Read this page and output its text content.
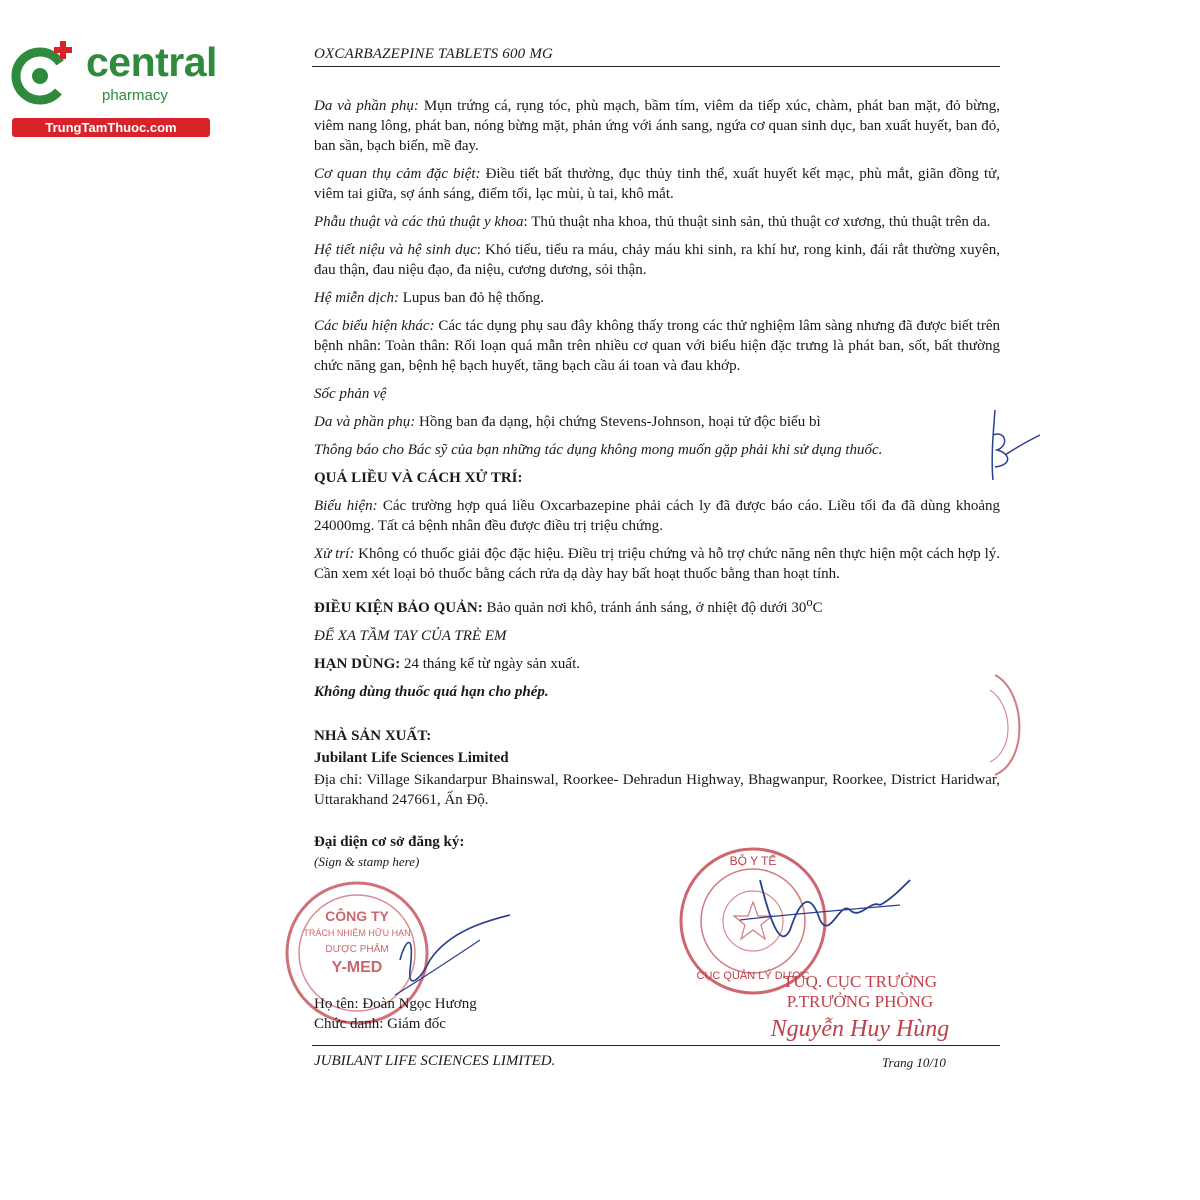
central
pharmacy
TrungTamThuoc.com
OXCARBAZEPINE TABLETS 600 MG

Da và phần phụ: Mụn trứng cá, rụng tóc, phù mạch, bầm tím, viêm da tiếp xúc, chàm, phát ban mặt, đỏ bừng, viêm nang lông, phát ban, nóng bừng mặt, phản ứng với ánh sang, ngứa cơ quan sinh dục, ban xuất huyết, ban đỏ, ban sần, bạch biến, mề đay.

Cơ quan thụ cảm đặc biệt: Điều tiết bất thường, đục thủy tinh thể, xuất huyết kết mạc, phù mắt, giãn đồng tử, viêm tai giữa, sợ ánh sáng, điểm tối, lạc mùi, ù tai, khô mắt.

Phẫu thuật và các thủ thuật y khoa: Thủ thuật nha khoa, thủ thuật sinh sản, thủ thuật cơ xương, thủ thuật trên da.

Hệ tiết niệu và hệ sinh dục: Khó tiểu, tiểu ra máu, chảy máu khi sinh, ra khí hư, rong kinh, đái rắt thường xuyên, đau thận, đau niệu đạo, đa niệu, cương dương, sỏi thận.

Hệ miễn dịch: Lupus ban đỏ hệ thống.

Các biểu hiện khác: Các tác dụng phụ sau đây không thấy trong các thử nghiệm lâm sàng nhưng đã được biết trên bệnh nhân: Toàn thân: Rối loạn quá mẫn trên nhiều cơ quan với biểu hiện đặc trưng là phát ban, sốt, bất thường chức năng gan, bệnh hệ bạch huyết, tăng bạch cầu ái toan và đau khớp.

Sốc phản vệ

Da và phần phụ: Hồng ban đa dạng, hội chứng Stevens-Johnson, hoại tử độc biểu bì

Thông báo cho Bác sỹ của bạn những tác dụng không mong muốn gặp phải khi sử dụng thuốc.

QUÁ LIỀU VÀ CÁCH XỬ TRÍ:

Biểu hiện: Các trường hợp quá liều Oxcarbazepine phải cách ly đã được báo cáo. Liều tối đa đã dùng khoảng 24000mg. Tất cả bệnh nhân đều được điều trị triệu chứng.

Xử trí: Không có thuốc giải độc đặc hiệu. Điều trị triệu chứng và hỗ trợ chức năng nên thực hiện một cách hợp lý. Cần xem xét loại bỏ thuốc bằng cách rửa dạ dày hay bất hoạt thuốc bằng than hoạt tính.

ĐIỀU KIỆN BẢO QUẢN: Bảo quản nơi khô, tránh ánh sáng, ở nhiệt độ dưới 30$^o$C

ĐỂ XA TẦM TAY CỦA TRẺ EM

HẠN DÙNG: 24 tháng kể từ ngày sản xuất.

Không dùng thuốc quá hạn cho phép.

NHÀ SẢN XUẤT:

Jubilant Life Sciences Limited

Địa chỉ: Village Sikandarpur Bhainswal, Roorkee- Dehradun Highway, Bhagwanpur, Roorkee, District Haridwar, Uttarakhand 247661, Ấn Độ.

Đại diện cơ sở đăng ký:

(Sign & stamp here)

CÔNG TY
TRÁCH NHIỆM HỮU HẠN
DƯỢC PHẨM
Y-MED
Họ tên: Đoàn Ngọc Hương
Chức danh: Giám đốc
BỘ Y TẾ
CỤC QUẢN LÝ DƯỢC
TUQ. CỤC TRƯỞNG
P.TRƯỞNG PHÒNG
Nguyễn Huy Hùng
JUBILANT LIFE SCIENCES LIMITED.	Trang 10/10
